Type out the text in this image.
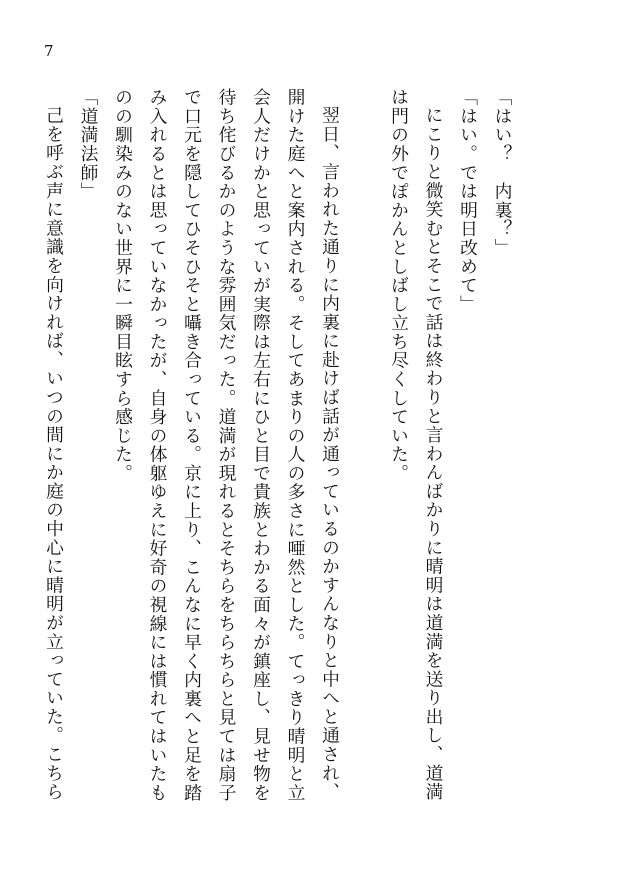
7

「はい？　内裏？」

「はい。では明日改めて」

にこりと微笑むとそこで話は終わりと言わんばかりに晴明は道満を送り出し、道満

は門の外でぽかんとしばし立ち尽くしていた。

翌日、言われた通りに内裏に赴けば話が通っているのかすんなりと中へと通され、

開けた庭へと案内される。そしてあまりの人の多さに唖然とした。てっきり晴明と立

会人だけかと思っていが実際は左右にひと目で貴族とわかる面々が鎮座し、見せ物を

待ち侘びるかのような雰囲気だった。道満が現れるとそちらをちらちらと見ては扇子

で口元を隠してひそひそと囁き合っている。京に上り、こんなに早く内裏へと足を踏

み入れるとは思っていなかったが、自身の体躯ゆえに好奇の視線には慣れてはいたも

のの馴染みのない世界に一瞬目眩すら感じた。

「道満法師」

己を呼ぶ声に意識を向ければ、いつの間にか庭の中心に晴明が立っていた。こちら
